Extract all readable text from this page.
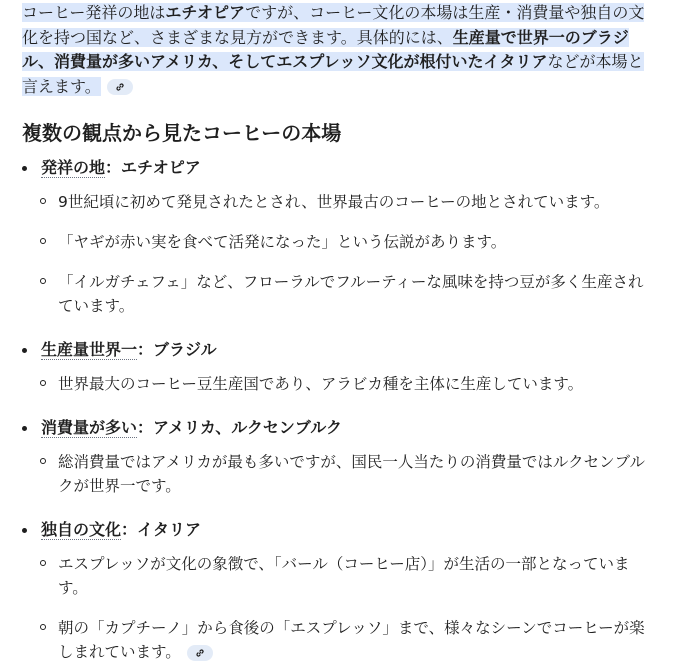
コーヒー発祥の地はエチオピアですが、コーヒー文化の本場は生産・消費量や独自の文化を持つ国など、さまざまな見方ができます。具体的には、生産量で世界一のブラジル、消費量が多いアメリカ、そしてエスプレッソ文化が根付いたイタリアなどが本場と言えます。

複数の観点から見たコーヒーの本場
発祥の地：エチオピア
9世紀頃に初めて発見されたとされ、世界最古のコーヒーの地とされています。
「ヤギが赤い実を食べて活発になった」という伝説があります。
「イルガチェフェ」など、フローラルでフルーティーな風味を持つ豆が多く生産されています。
生産量世界一：ブラジル
世界最大のコーヒー豆生産国であり、アラビカ種を主体に生産しています。
消費量が多い：アメリカ、ルクセンブルク
総消費量ではアメリカが最も多いですが、国民一人当たりの消費量ではルクセンブルクが世界一です。
独自の文化：イタリア
エスプレッソが文化の象徴で、「バール（コーヒー店）」が生活の一部となっています。
朝の「カプチーノ」から食後の「エスプレッソ」まで、様々なシーンでコーヒーが楽しまれています。
